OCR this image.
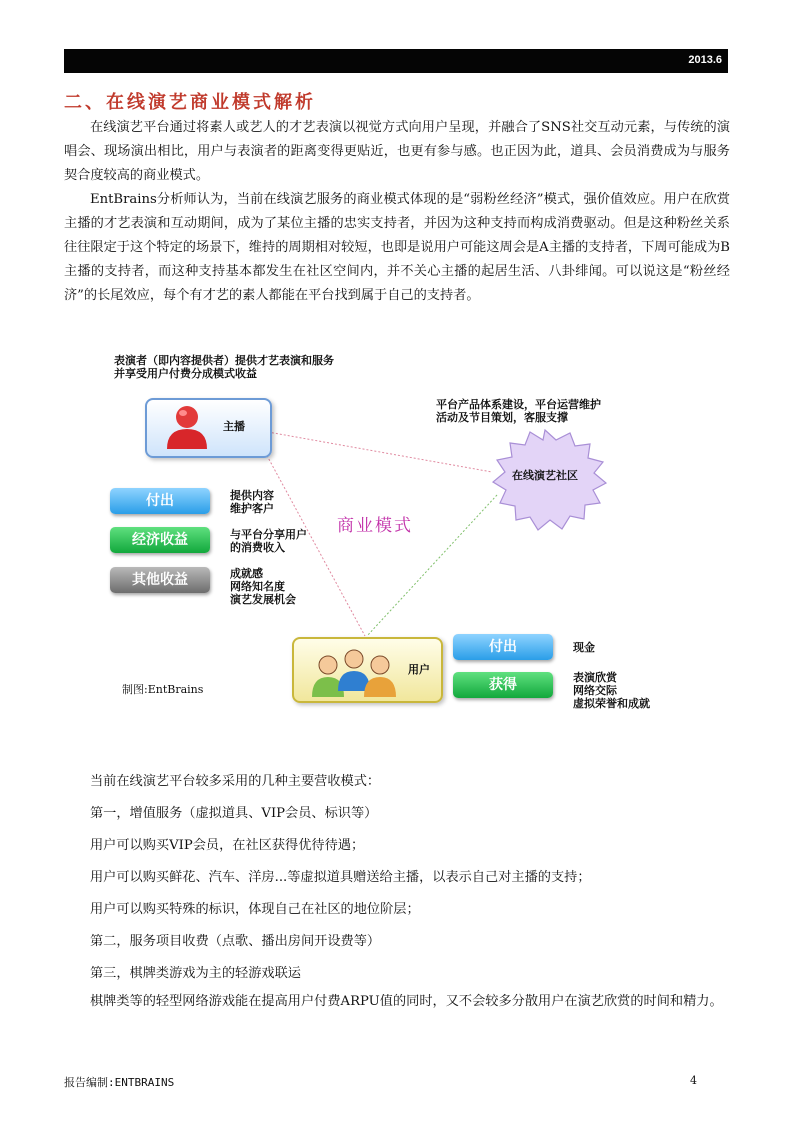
2013.6
二、在线演艺商业模式解析

在线演艺平台通过将素人或艺人的才艺表演以视觉方式向用户呈现，并融合了SNS社交互动元素，与传统的演唱会、现场演出相比，用户与表演者的距离变得更贴近，也更有参与感。也正因为此，道具、会员消费成为与服务契合度较高的商业模式。

EntBrains分析师认为，当前在线演艺服务的商业模式体现的是“弱粉丝经济”模式，强价值效应。用户在欣赏主播的才艺表演和互动期间，成为了某位主播的忠实支持者，并因为这种支持而构成消费驱动。但是这种粉丝关系往往限定于这个特定的场景下，维持的周期相对较短，也即是说用户可能这周会是A主播的支持者，下周可能成为B主播的支持者，而这种支持基本都发生在社区空间内，并不关心主播的起居生活、八卦绯闻。可以说这是“粉丝经济”的长尾效应，每个有才艺的素人都能在平台找到属于自己的支持者。

表演者（即内容提供者）提供才艺表演和服务
并享受用户付费分成模式收益
主播
平台产品体系建设，平台运营维护
活动及节目策划，客服支撑
在线演艺社区
商业模式
付出	提供内容
维护客户
经济收益	与平台分享用户
的消费收入
其他收益	成就感
网络知名度
演艺发展机会
用户
付出	现金
获得	表演欣赏
网络交际
虚拟荣誉和成就
制图:EntBrains

当前在线演艺平台较多采用的几种主要营收模式：

第一，增值服务（虚拟道具、VIP会员、标识等）

用户可以购买VIP会员，在社区获得优待待遇；

用户可以购买鲜花、汽车、洋房...等虚拟道具赠送给主播，以表示自己对主播的支持；

用户可以购买特殊的标识，体现自己在社区的地位阶层；

第二，服务项目收费（点歌、播出房间开设费等）

第三，棋牌类游戏为主的轻游戏联运

棋牌类等的轻型网络游戏能在提高用户付费ARPU值的同时，又不会较多分散用户在演艺欣赏的时间和精力。

报告编制:ENTBRAINS	4
